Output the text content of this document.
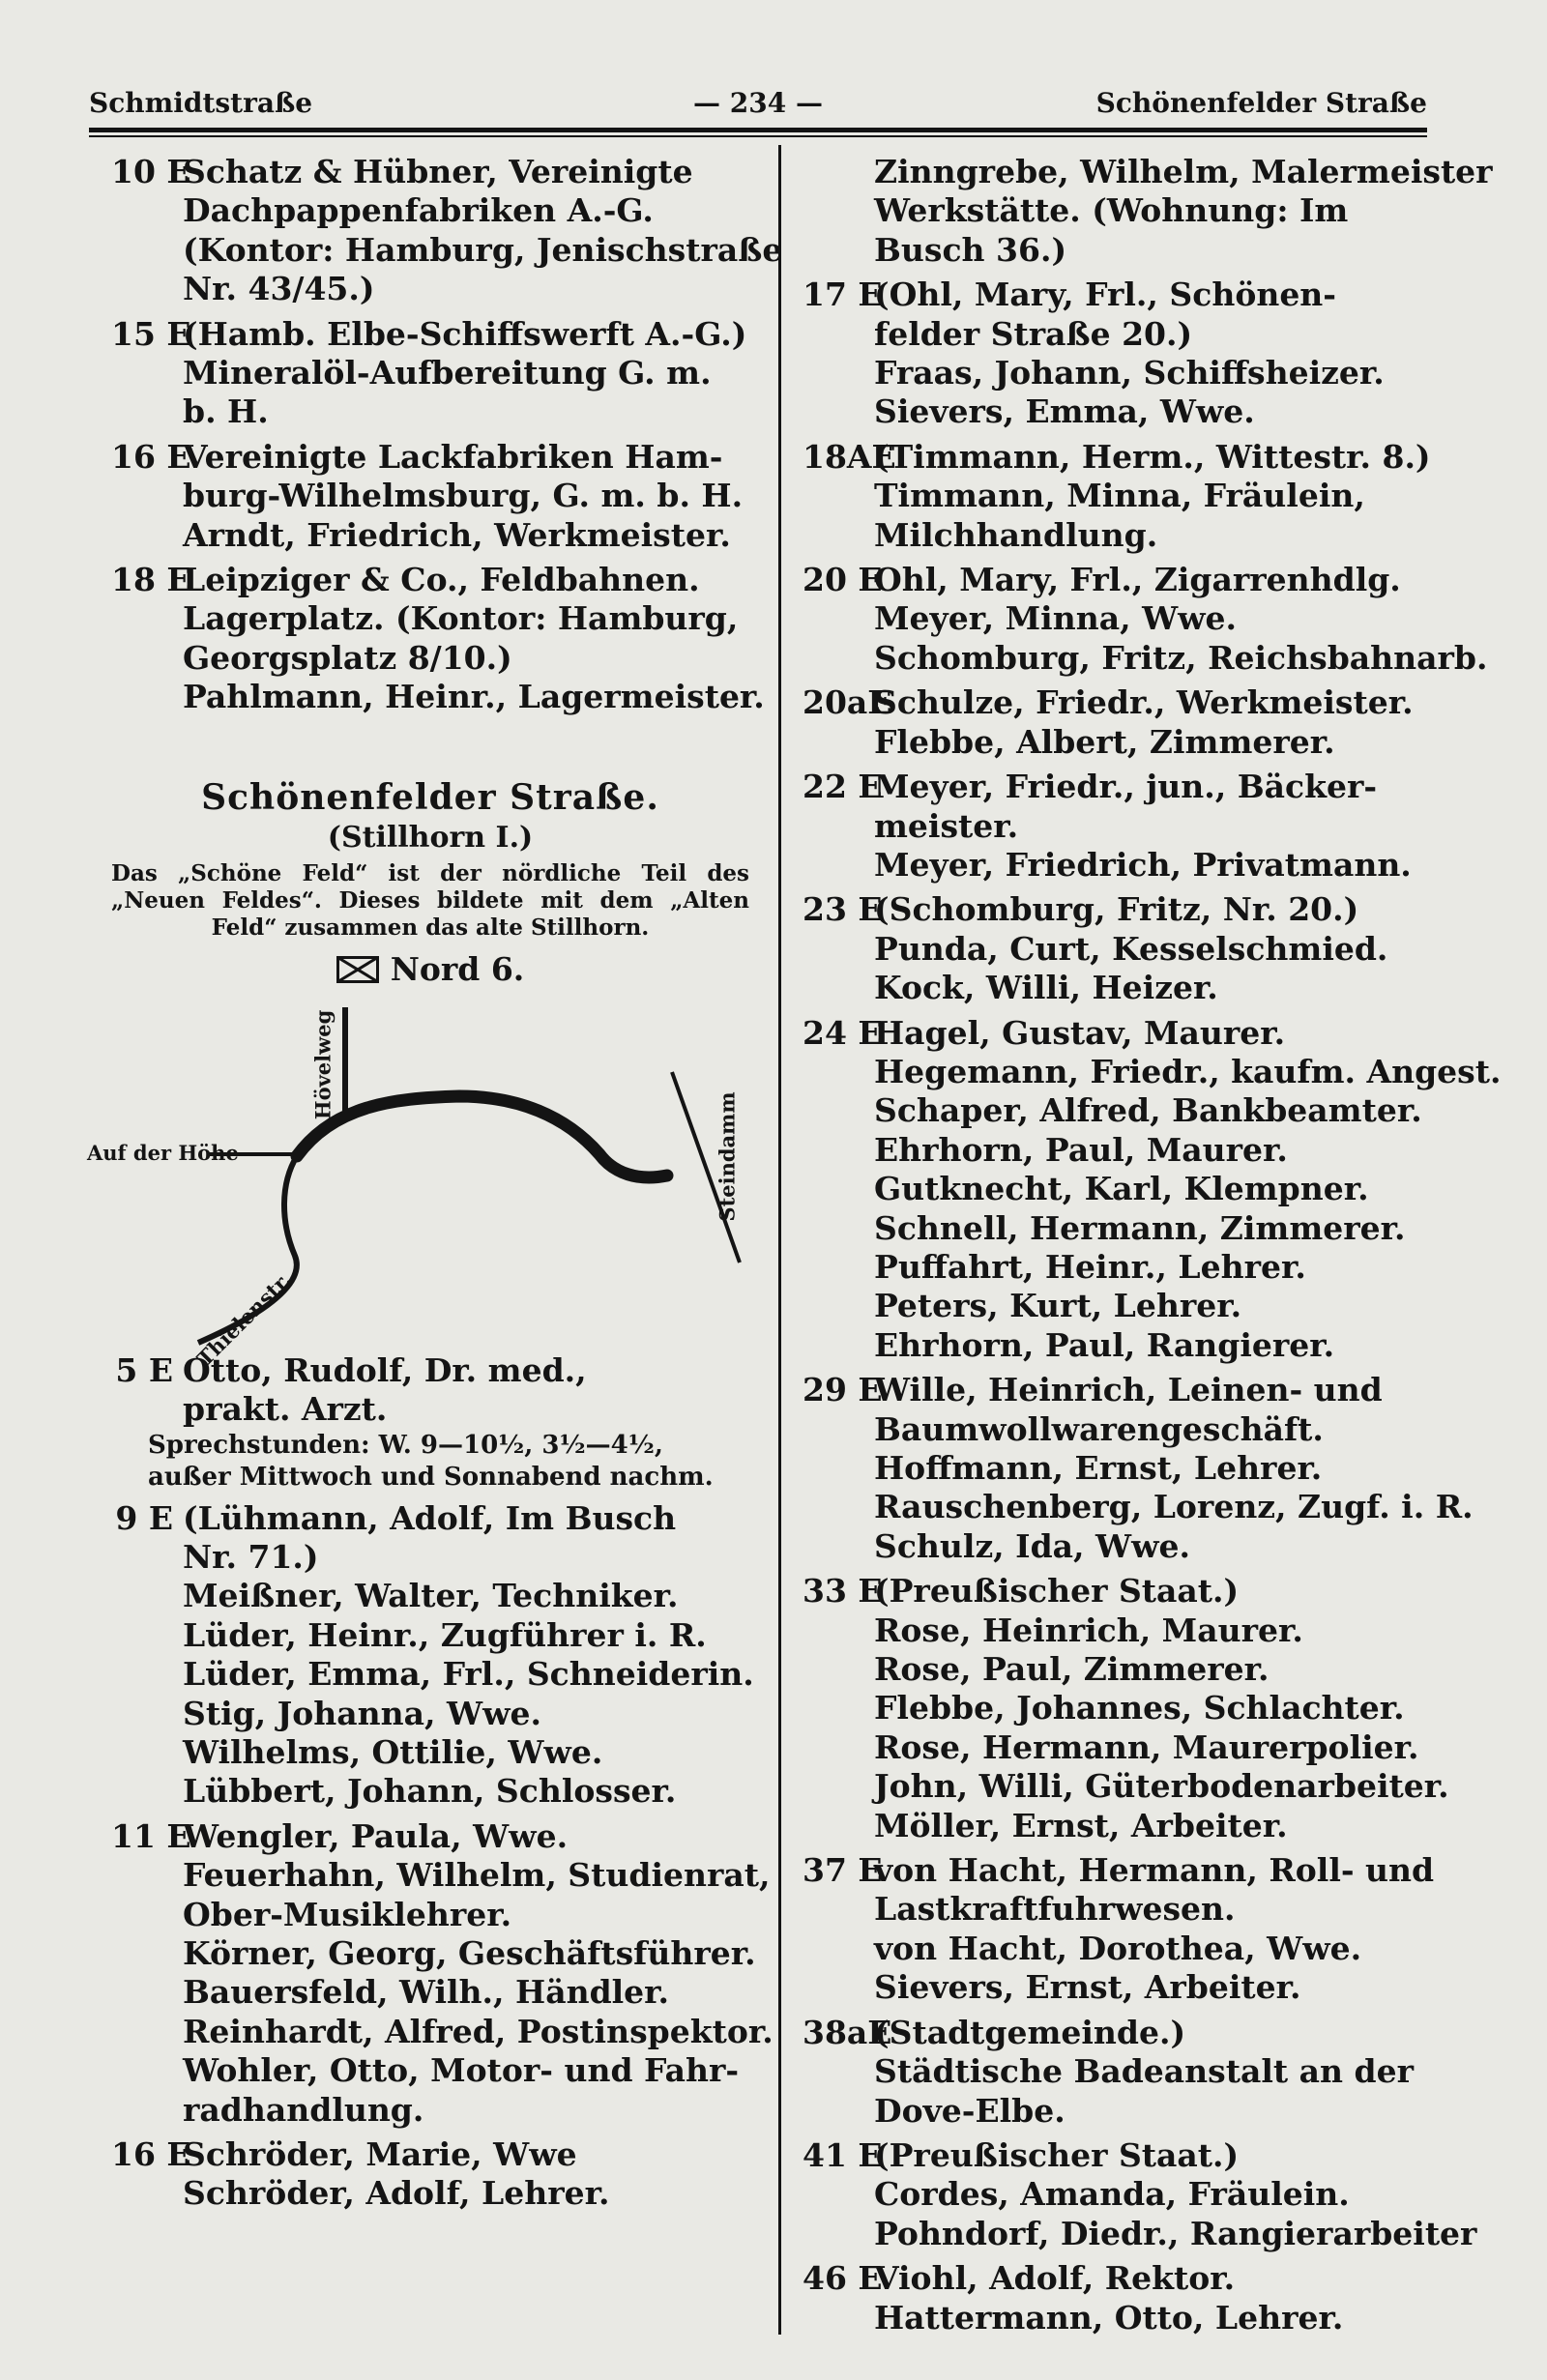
Schmidtstraße	— 234 —	Schönenfelder Straße
10 ESchatz & Hübner, Vereinigte
Dachpappenfabriken A.-G.
(Kontor: Hamburg, Jenischstraße
Nr. 43/45.)
15 E(Hamb. Elbe-Schiffswerft A.-G.)
Mineralöl-Aufbereitung G. m.
b. H.
16 EVereinigte Lackfabriken Ham-
burg-Wilhelmsburg, G. m. b. H.
Arndt, Friedrich, Werkmeister.
18 ELeipziger & Co., Feldbahnen.
Lagerplatz. (Kontor: Hamburg,
Georgsplatz 8/10.)
Pahlmann, Heinr., Lagermeister.
Schönenfelder Straße.
(Stillhorn I.)
Das „Schöne Feld“ ist der nördliche Teil des „Neuen Feldes“. Dieses bildete mit dem „Alten Feld“ zusammen das alte Stillhorn.
Nord 6.
Hövelweg
Auf der Höhe	Steindamm
Thielenstr.
5 E Otto, Rudolf, Dr. med.,
prakt. Arzt.
Sprechstunden: W. 9—10½, 3½—4½,
außer Mittwoch und Sonnabend nachm.
9 E (Lühmann, Adolf, Im Busch
Nr. 71.)
Meißner, Walter, Techniker.
Lüder, Heinr., Zugführer i. R.
Lüder, Emma, Frl., Schneiderin.
Stig, Johanna, Wwe.
Wilhelms, Ottilie, Wwe.
Lübbert, Johann, Schlosser.
11 EWengler, Paula, Wwe.
Feuerhahn, Wilhelm, Studienrat,
Ober-Musiklehrer.
Körner, Georg, Geschäftsführer.
Bauersfeld, Wilh., Händler.
Reinhardt, Alfred, Postinspektor.
Wohler, Otto, Motor- und Fahr-
radhandlung.
16 ESchröder, Marie, Wwe
Schröder, Adolf, Lehrer.
Zinngrebe, Wilhelm, Malermeister
Werkstätte. (Wohnung: Im
Busch 36.)
17 E(Ohl, Mary, Frl., Schönen-
felder Straße 20.)
Fraas, Johann, Schiffsheizer.
Sievers, Emma, Wwe.
18AE(Timmann, Herm., Wittestr. 8.)
Timmann, Minna, Fräulein,
Milchhandlung.
20 EOhl, Mary, Frl., Zigarrenhdlg.
Meyer, Minna, Wwe.
Schomburg, Fritz, Reichsbahnarb.
20aESchulze, Friedr., Werkmeister.
Flebbe, Albert, Zimmerer.
22 EMeyer, Friedr., jun., Bäcker-
meister.
Meyer, Friedrich, Privatmann.
23 E(Schomburg, Fritz, Nr. 20.)
Punda, Curt, Kesselschmied.
Kock, Willi, Heizer.
24 EHagel, Gustav, Maurer.
Hegemann, Friedr., kaufm. Angest.
Schaper, Alfred, Bankbeamter.
Ehrhorn, Paul, Maurer.
Gutknecht, Karl, Klempner.
Schnell, Hermann, Zimmerer.
Puffahrt, Heinr., Lehrer.
Peters, Kurt, Lehrer.
Ehrhorn, Paul, Rangierer.
29 EWille, Heinrich, Leinen- und
Baumwollwarengeschäft.
Hoffmann, Ernst, Lehrer.
Rauschenberg, Lorenz, Zugf. i. R.
Schulz, Ida, Wwe.
33 E(Preußischer Staat.)
Rose, Heinrich, Maurer.
Rose, Paul, Zimmerer.
Flebbe, Johannes, Schlachter.
Rose, Hermann, Maurerpolier.
John, Willi, Güterbodenarbeiter.
Möller, Ernst, Arbeiter.
37 Evon Hacht, Hermann, Roll- und
Lastkraftfuhrwesen.
von Hacht, Dorothea, Wwe.
Sievers, Ernst, Arbeiter.
38aE(Stadtgemeinde.)
Städtische Badeanstalt an der
Dove-Elbe.
41 E(Preußischer Staat.)
Cordes, Amanda, Fräulein.
Pohndorf, Diedr., Rangierarbeiter
46 EViohl, Adolf, Rektor.
Hattermann, Otto, Lehrer.
